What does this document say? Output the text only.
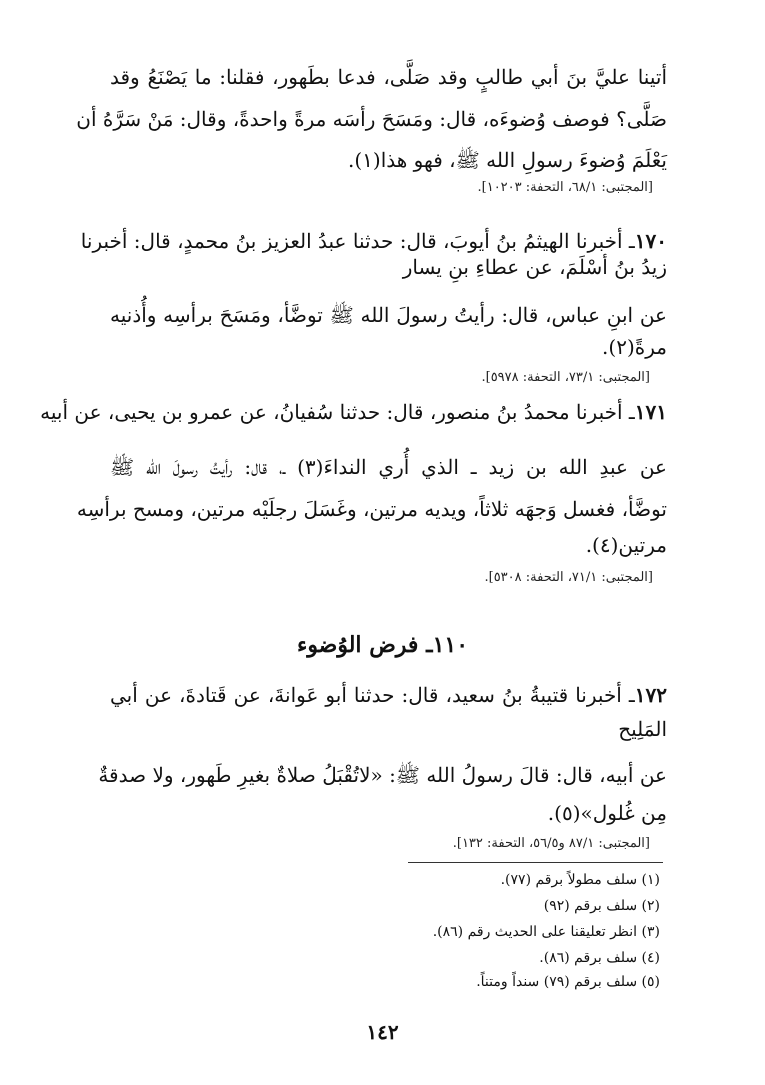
أتينا عليَّ بنَ أبي طالبٍ وقد صَلَّى، فدعا بطَهور، فقلنا: ما يَصْنَعُ وقد
صَلَّى؟ فوصف وُضوءَه، قال: ومَسَحَ رأسَه مرةً واحدةً، وقال: مَنْ سَرَّهُ أن
يَعْلَمَ وُضوءَ رسولِ الله ﷺ، فهو هذا(١).
[المجتبى: ٦٨/١، التحفة: ١٠٢٠٣].
١٧٠ـ أخبرنا الهيثمُ بنُ أيوبَ، قال: حدثنا عبدُ العزيز بنُ محمدٍ، قال: أخبرنا
زيدُ بنُ أسْلَمَ، عن عطاءِ بنِ يسار
عن ابنِ عباس، قال: رأيتُ رسولَ الله ﷺ توضَّأ، ومَسَحَ برأسِه وأُذنيه
مرةً(٢).
[المجتبى: ٧٣/١، التحفة: ٥٩٧٨].
١٧١ـ أخبرنا محمدُ بنُ منصور، قال: حدثنا سُفيانُ، عن عمرو بن يحيى، عن أبيه
عن عبدِ الله بن زيد ـ الذي أُري النداءَ(٣) ـ، قال: رأيتُ رسولَ الله ﷺ
توضَّأ، فغسل وَجهَه ثلاثاً، ويديه مرتين، وغَسَلَ رجلَيْه مرتين، ومسح برأسِه
مرتين(٤).
[المجتبى: ٧١/١، التحفة: ٥٣٠٨].
١١٠ـ فرض الوُضوء
١٧٢ـ أخبرنا قتيبةُ بنُ سعيد، قال: حدثنا أبو عَوانةَ، عن قَتادةَ، عن أبي
المَلِيح
عن أبيه، قال: قالَ رسولُ الله ﷺ: «لاتُقْبَلُ صلاةٌ بغيرِ طَهور، ولا صدقةٌ
مِن غُلول»(٥).
[المجتبى: ٨٧/١ و٥٦/٥، التحفة: ١٣٢].
(١) سلف مطولاً برقم (٧٧).
(٢) سلف برقم (٩٢)
(٣) انظر تعليقنا على الحديث رقم (٨٦).
(٤) سلف برقم (٨٦).
(٥) سلف برقم (٧٩) سنداً ومتناً.
١٤٢
